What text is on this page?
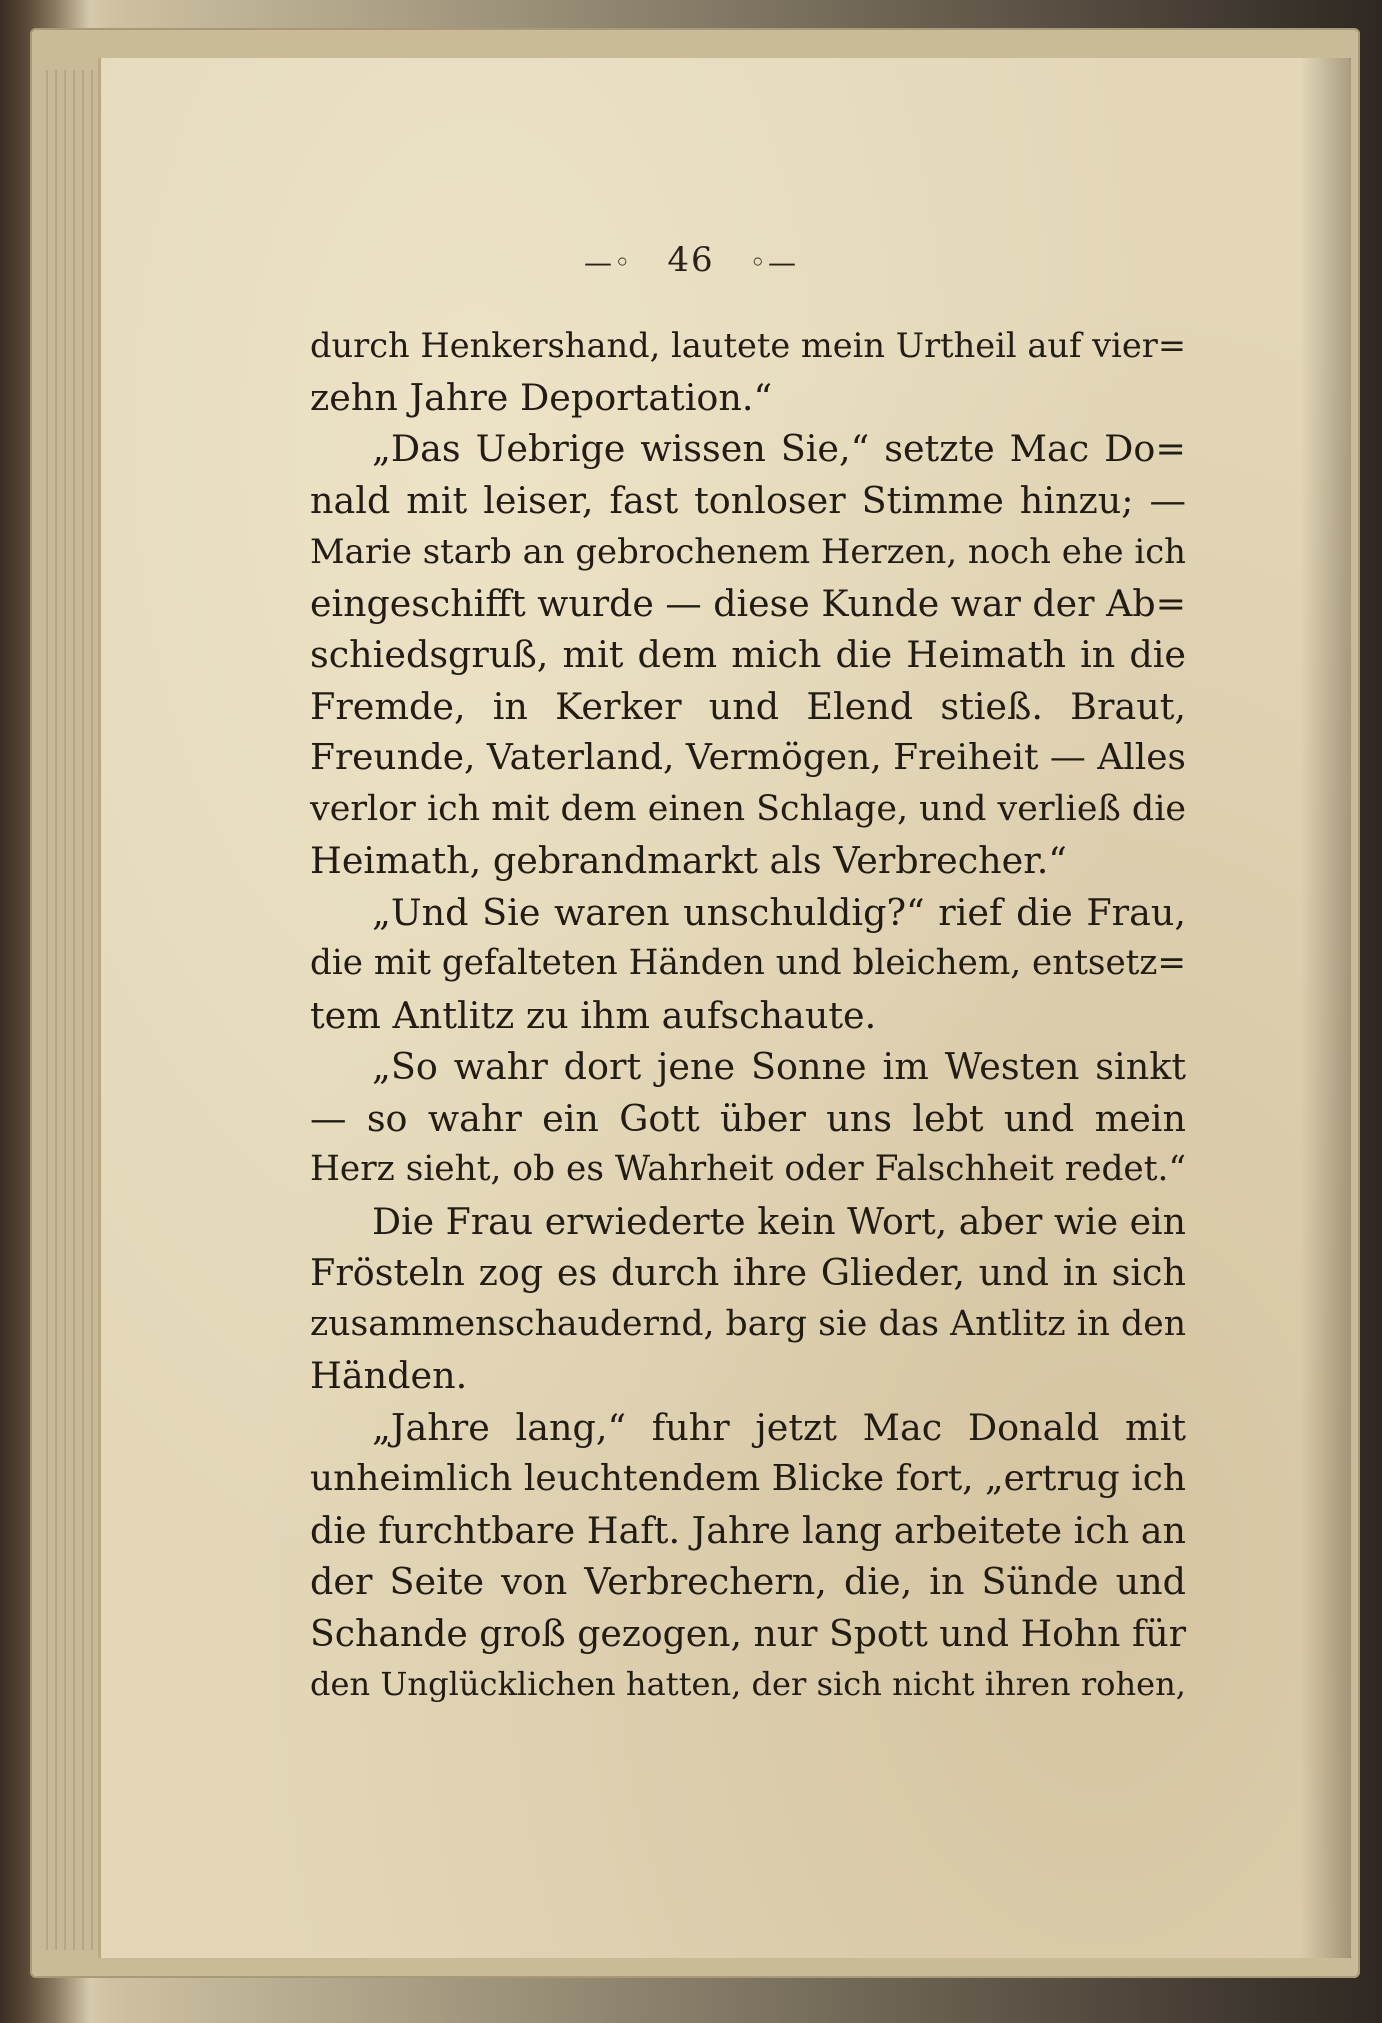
—◦ 46 ◦—
durch Henkershand, lautete mein Urtheil auf vier=
zehn Jahre Deportation.“
„Das Uebrige wissen Sie,“ setzte Mac Do=
nald mit leiser, fast tonloser Stimme hinzu; —
Marie starb an gebrochenem Herzen, noch ehe ich
eingeschifft wurde — diese Kunde war der Ab=
schiedsgruß, mit dem mich die Heimath in die
Fremde, in Kerker und Elend stieß. Braut,
Freunde, Vaterland, Vermögen, Freiheit — Alles
verlor ich mit dem einen Schlage, und verließ die
Heimath, gebrandmarkt als Verbrecher.“
„Und Sie waren unschuldig?“ rief die Frau,
die mit gefalteten Händen und bleichem, entsetz=
tem Antlitz zu ihm aufschaute.
„So wahr dort jene Sonne im Westen sinkt
— so wahr ein Gott über uns lebt und mein
Herz sieht, ob es Wahrheit oder Falschheit redet.“
Die Frau erwiederte kein Wort, aber wie ein
Frösteln zog es durch ihre Glieder, und in sich
zusammenschaudernd, barg sie das Antlitz in den
Händen.
„Jahre lang,“ fuhr jetzt Mac Donald mit
unheimlich leuchtendem Blicke fort, „ertrug ich
die furchtbare Haft. Jahre lang arbeitete ich an
der Seite von Verbrechern, die, in Sünde und
Schande groß gezogen, nur Spott und Hohn für
den Unglücklichen hatten, der sich nicht ihren rohen,
